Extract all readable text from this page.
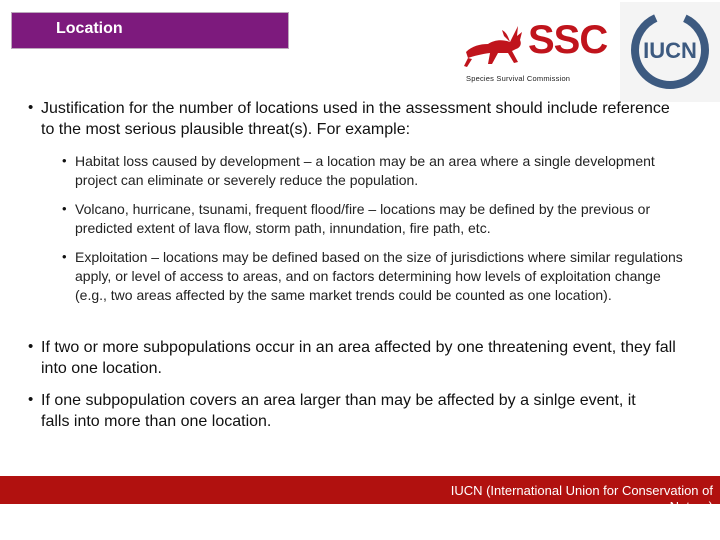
Location	SSC
Species Survival Commission
IUCN
• Justification for the number of locations used in the assessment should include reference to the most serious plausible threat(s). For example:
• Habitat loss caused by development – a location may be an area where a single development project can eliminate or severely reduce the population.
• Volcano, hurricane, tsunami, frequent flood/fire – locations may be defined by the previous or predicted extent of lava flow, storm path, innundation, fire path, etc.
• Exploitation – locations may be defined based on the size of jurisdictions where similar regulations apply, or level of access to areas, and on factors determining how levels of exploitation change (e.g., two areas affected by the same market trends could be counted as one location).
• If two or more subpopulations occur in an area affected by one threatening event, they fall into one location.
• If one subpopulation covers an area larger than may be affected by a sinlge event, it falls into more than one location.
IUCN (International Union for Conservation of Nature)
